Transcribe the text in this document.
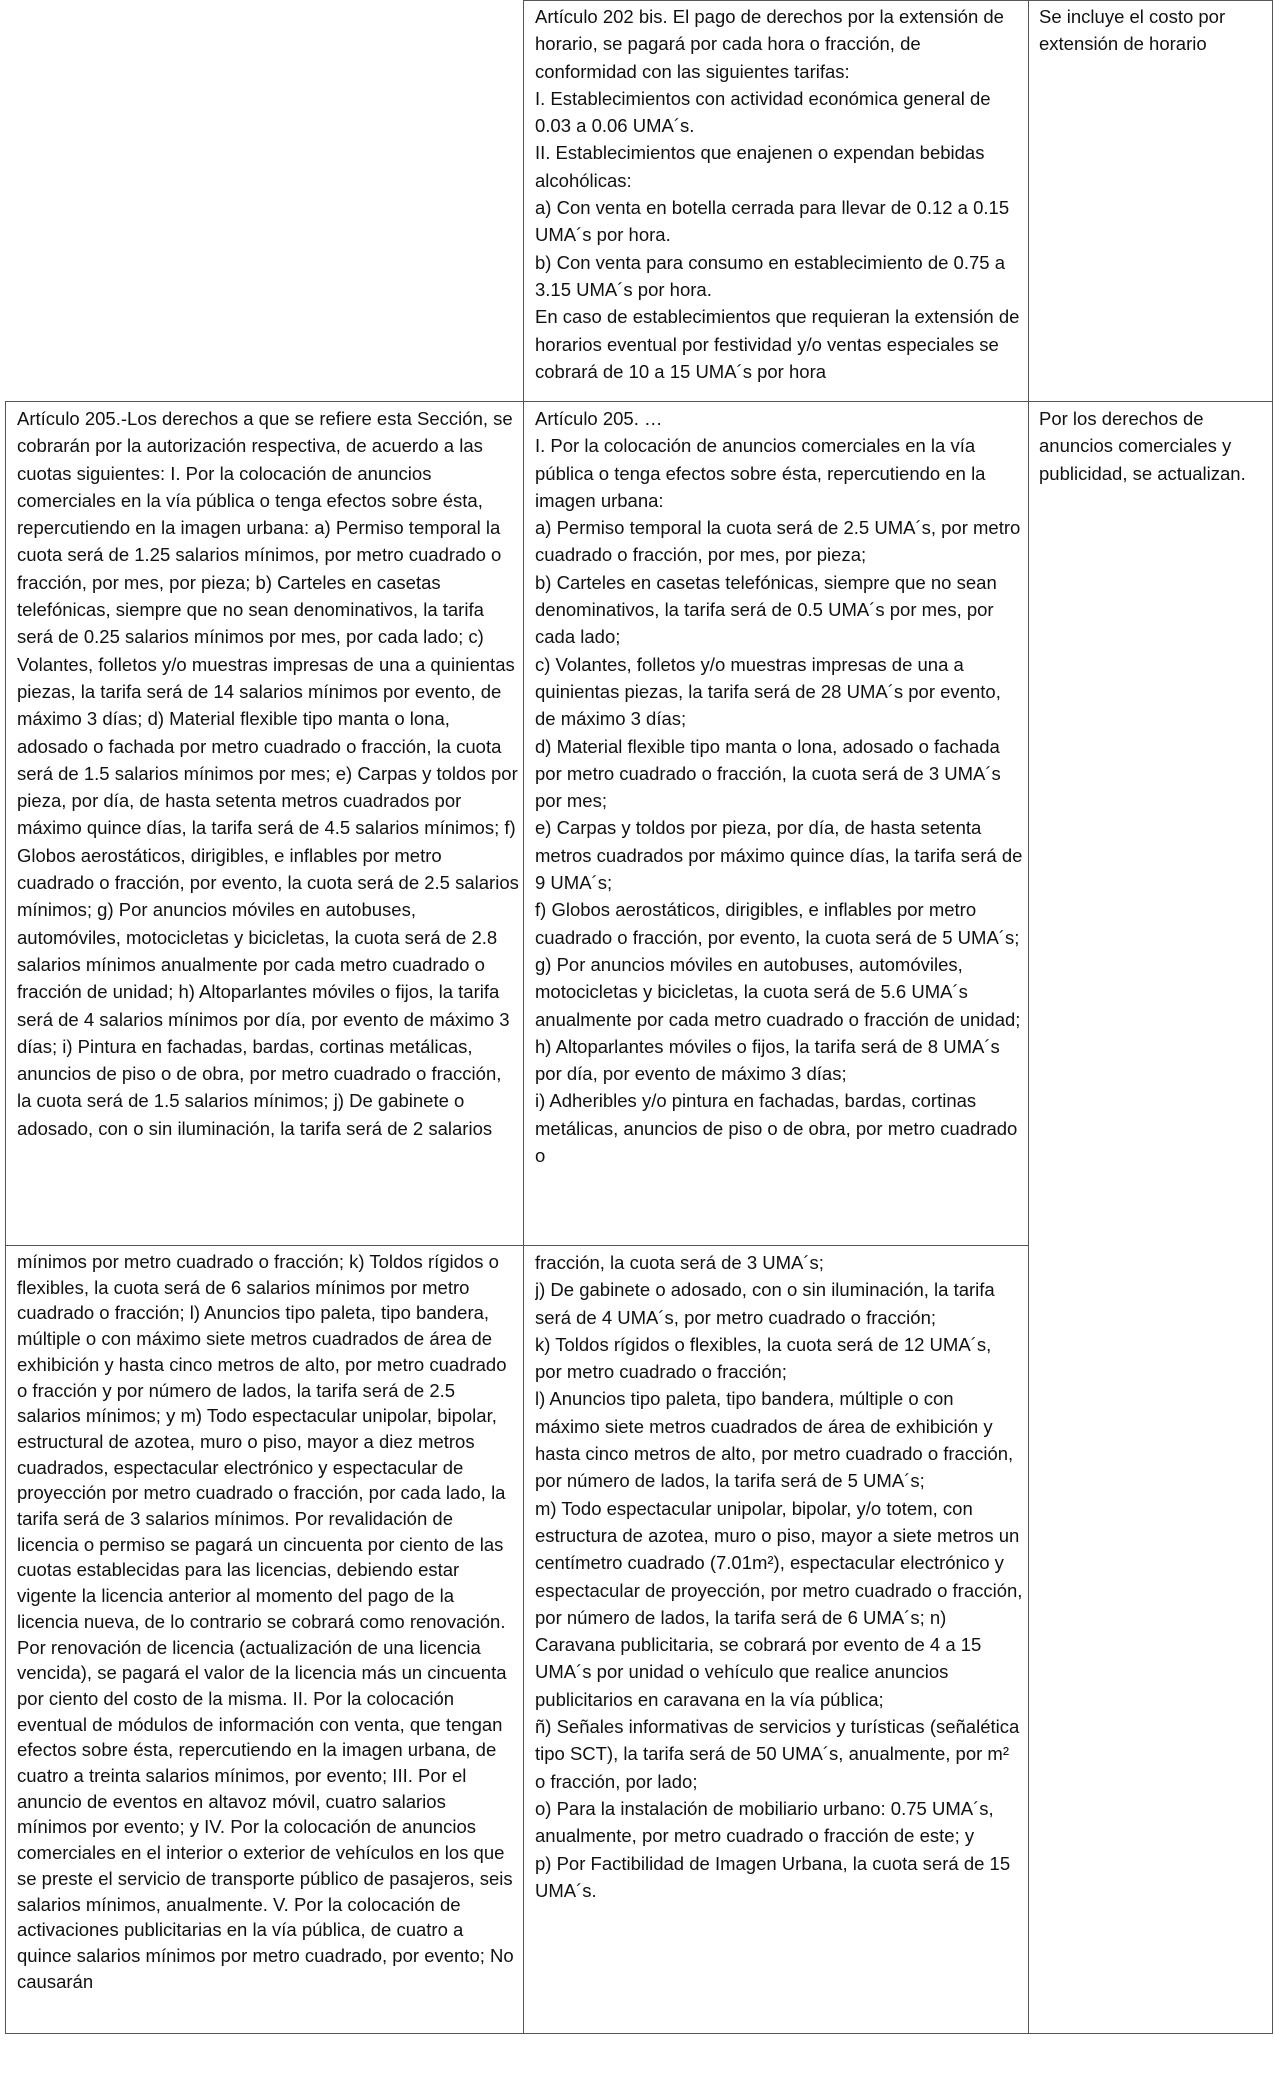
Artículo 202 bis. El pago de derechos por la extensión de horario, se pagará por cada hora o fracción, de conformidad con las siguientes tarifas:
I. Establecimientos con actividad económica general de 0.03 a 0.06 UMA´s.
II. Establecimientos que enajenen o expendan bebidas alcohólicas:
a) Con venta en botella cerrada para llevar de 0.12 a 0.15 UMA´s por hora.
b) Con venta para consumo en establecimiento de 0.75 a 3.15 UMA´s por hora.
En caso de establecimientos que requieran la extensión de horarios eventual por festividad y/o ventas especiales se cobrará de 10 a 15 UMA´s por hora
Se incluye el costo por extensión de horario
Artículo 205.-Los derechos a que se refiere esta Sección, se cobrarán por la autorización respectiva, de acuerdo a las cuotas siguientes: I. Por la colocación de anuncios comerciales en la vía pública o tenga efectos sobre ésta, repercutiendo en la imagen urbana: a) Permiso temporal la cuota será de 1.25 salarios mínimos, por metro cuadrado o fracción, por mes, por pieza; b) Carteles en casetas telefónicas, siempre que no sean denominativos, la tarifa será de 0.25 salarios mínimos por mes, por cada lado; c) Volantes, folletos y/o muestras impresas de una a quinientas piezas, la tarifa será de 14 salarios mínimos por evento, de máximo 3 días; d) Material flexible tipo manta o lona, adosado o fachada por metro cuadrado o fracción, la cuota será de 1.5 salarios mínimos por mes; e) Carpas y toldos por pieza, por día, de hasta setenta metros cuadrados por máximo quince días, la tarifa será de 4.5 salarios mínimos; f) Globos aerostáticos, dirigibles, e inflables por metro cuadrado o fracción, por evento, la cuota será de 2.5 salarios mínimos; g) Por anuncios móviles en autobuses, automóviles, motocicletas y bicicletas, la cuota será de 2.8 salarios mínimos anualmente por cada metro cuadrado o fracción de unidad; h) Altoparlantes móviles o fijos, la tarifa será de 4 salarios mínimos por día, por evento de máximo 3 días; i) Pintura en fachadas, bardas, cortinas metálicas, anuncios de piso o de obra, por metro cuadrado o fracción, la cuota será de 1.5 salarios mínimos; j) De gabinete o adosado, con o sin iluminación, la tarifa será de 2 salarios
Artículo 205. …
I. Por la colocación de anuncios comerciales en la vía pública o tenga efectos sobre ésta, repercutiendo en la imagen urbana:
a) Permiso temporal la cuota será de 2.5 UMA´s, por metro cuadrado o fracción, por mes, por pieza;
b) Carteles en casetas telefónicas, siempre que no sean denominativos, la tarifa será de 0.5 UMA´s por mes, por cada lado;
c) Volantes, folletos y/o muestras impresas de una a quinientas piezas, la tarifa será de 28 UMA´s por evento, de máximo 3 días;
d) Material flexible tipo manta o lona, adosado o fachada por metro cuadrado o fracción, la cuota será de 3 UMA´s por mes;
e) Carpas y toldos por pieza, por día, de hasta setenta metros cuadrados por máximo quince días, la tarifa será de 9 UMA´s;
f) Globos aerostáticos, dirigibles, e inflables por metro cuadrado o fracción, por evento, la cuota será de 5 UMA´s;
g) Por anuncios móviles en autobuses, automóviles, motocicletas y bicicletas, la cuota será de 5.6 UMA´s anualmente por cada metro cuadrado o fracción de unidad;
h) Altoparlantes móviles o fijos, la tarifa será de 8 UMA´s por día, por evento de máximo 3 días;
i) Adheribles y/o pintura en fachadas, bardas, cortinas metálicas, anuncios de piso o de obra, por metro cuadrado o
Por los derechos de anuncios comerciales y publicidad, se actualizan.
mínimos por metro cuadrado o fracción; k) Toldos rígidos o flexibles, la cuota será de 6 salarios mínimos por metro cuadrado o fracción; l) Anuncios tipo paleta, tipo bandera, múltiple o con máximo siete metros cuadrados de área de exhibición y hasta cinco metros de alto, por metro cuadrado o fracción y por número de lados, la tarifa será de 2.5 salarios mínimos; y m) Todo espectacular unipolar, bipolar, estructural de azotea, muro o piso, mayor a diez metros cuadrados, espectacular electrónico y espectacular de proyección por metro cuadrado o fracción, por cada lado, la tarifa será de 3 salarios mínimos. Por revalidación de licencia o permiso se pagará un cincuenta por ciento de las cuotas establecidas para las licencias, debiendo estar vigente la licencia anterior al momento del pago de la licencia nueva, de lo contrario se cobrará como renovación. Por renovación de licencia (actualización de una licencia vencida), se pagará el valor de la licencia más un cincuenta por ciento del costo de la misma. II. Por la colocación eventual de módulos de información con venta, que tengan efectos sobre ésta, repercutiendo en la imagen urbana, de cuatro a treinta salarios mínimos, por evento; III. Por el anuncio de eventos en altavoz móvil, cuatro salarios mínimos por evento; y IV. Por la colocación de anuncios comerciales en el interior o exterior de vehículos en los que se preste el servicio de transporte público de pasajeros, seis salarios mínimos, anualmente. V. Por la colocación de activaciones publicitarias en la vía pública, de cuatro a quince salarios mínimos por metro cuadrado, por evento; No causarán
fracción, la cuota será de 3 UMA´s;
j) De gabinete o adosado, con o sin iluminación, la tarifa será de 4 UMA´s, por metro cuadrado o fracción;
k) Toldos rígidos o flexibles, la cuota será de 12 UMA´s, por metro cuadrado o fracción;
l) Anuncios tipo paleta, tipo bandera, múltiple o con máximo siete metros cuadrados de área de exhibición y hasta cinco metros de alto, por metro cuadrado o fracción, por número de lados, la tarifa será de 5 UMA´s;
m) Todo espectacular unipolar, bipolar, y/o totem, con estructura de azotea, muro o piso, mayor a siete metros un centímetro cuadrado (7.01m²), espectacular electrónico y espectacular de proyección, por metro cuadrado o fracción, por número de lados, la tarifa será de 6 UMA´s; n) Caravana publicitaria, se cobrará por evento de 4 a 15 UMA´s por unidad o vehículo que realice anuncios publicitarios en caravana en la vía pública;
ñ) Señales informativas de servicios y turísticas (señalética tipo SCT), la tarifa será de 50 UMA´s, anualmente, por m² o fracción, por lado;
o) Para la instalación de mobiliario urbano: 0.75 UMA´s, anualmente, por metro cuadrado o fracción de este; y
p) Por Factibilidad de Imagen Urbana, la cuota será de 15 UMA´s.
